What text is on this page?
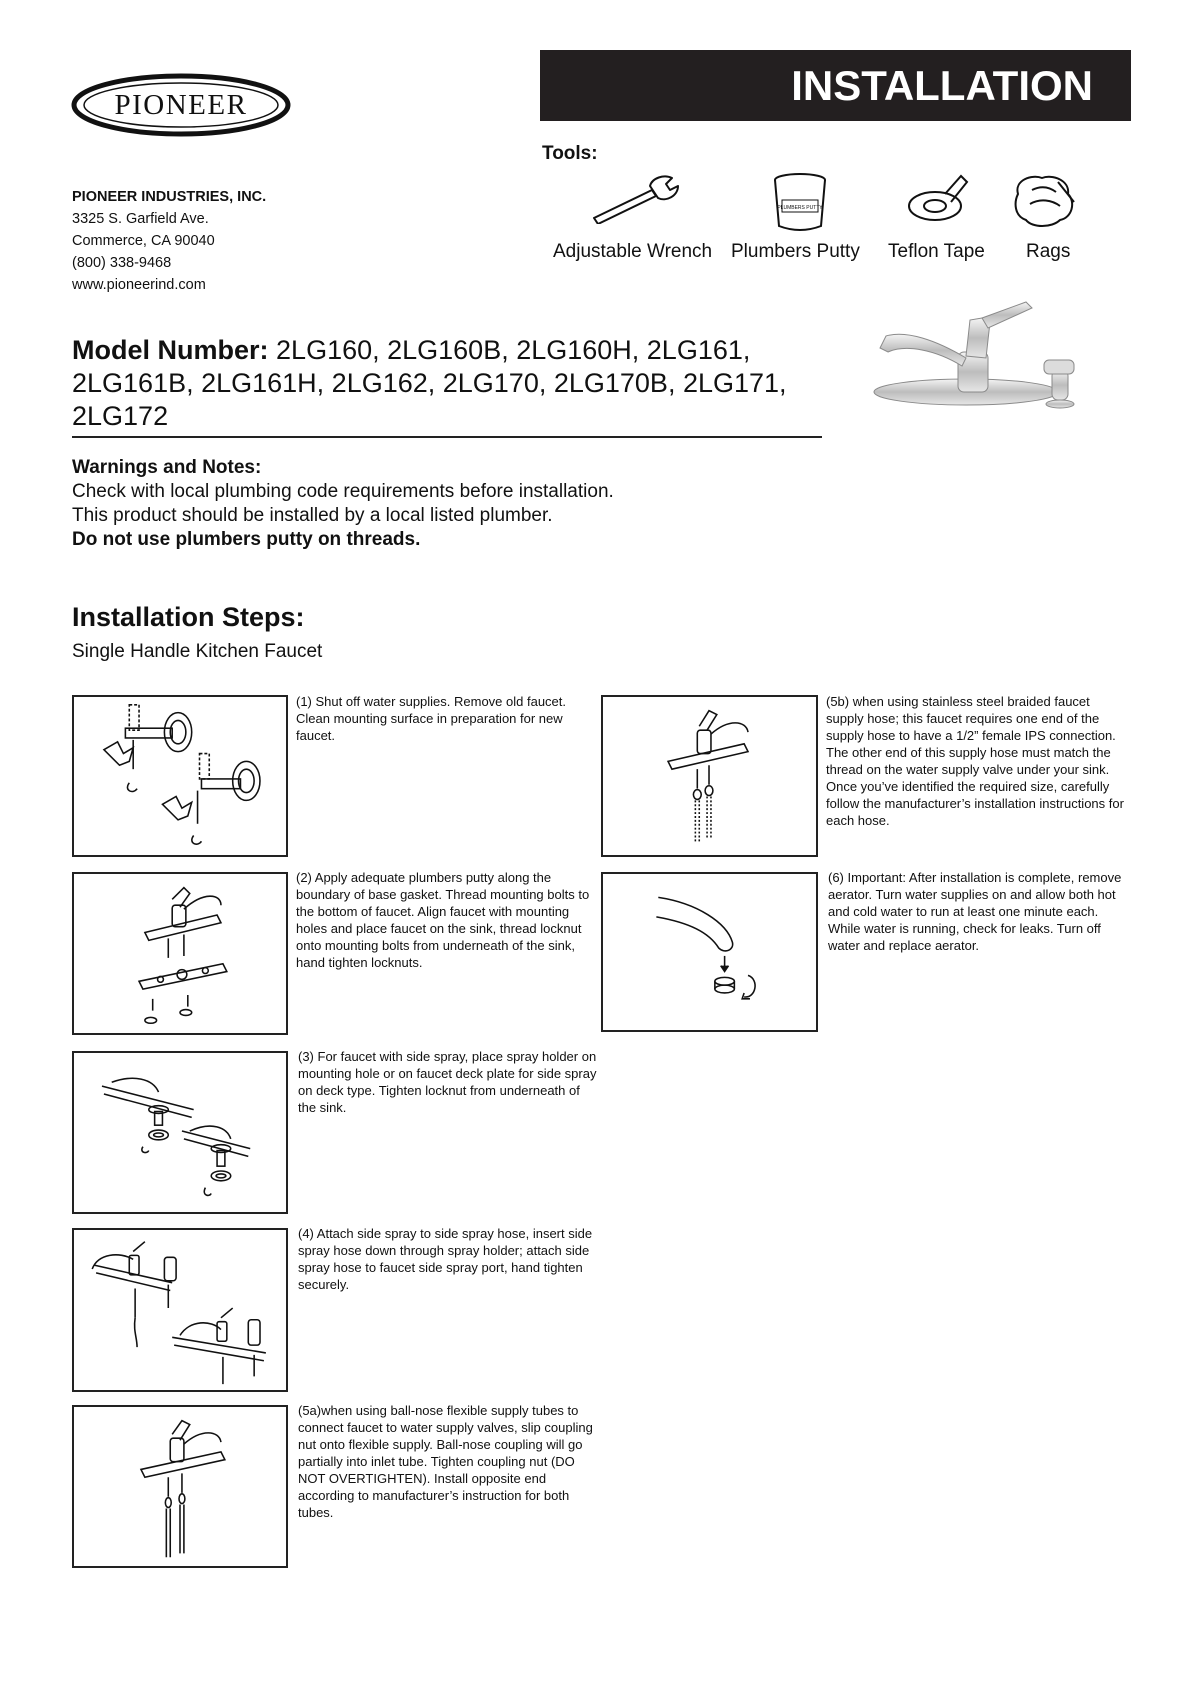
PIONEER	INSTALLATION
PIONEER INDUSTRIES, INC.
3325 S. Garfield Ave.
Commerce, CA 90040
(800) 338-9468
www.pioneerind.com
Tools:
PLUMBERS PUTTY
Adjustable Wrench Plumbers Putty Teflon Tape Rags
Model Number: 2LG160, 2LG160B, 2LG160H, 2LG161,
2LG161B, 2LG161H, 2LG162, 2LG170, 2LG170B, 2LG171,
2LG172
Warnings and Notes:
Check with local plumbing code requirements before installation.
This product should be installed by a local listed plumber.
Do not use plumbers putty on threads.
Installation Steps:
Single Handle Kitchen Faucet
(1) Shut off water supplies. Remove old faucet. Clean mounting surface in preparation for new faucet.
(2) Apply adequate plumbers putty along the boundary of base gasket. Thread mounting bolts to the bottom of faucet. Align faucet with mounting holes and place faucet on the sink, thread locknut onto mounting bolts from underneath of the sink, hand tighten locknuts.
(3) For faucet with side spray, place spray holder on mounting hole or on faucet deck plate for side spray on deck type. Tighten locknut from underneath of the sink.
(4) Attach side spray to side spray hose, insert side spray hose down through spray holder; attach side spray hose to faucet side spray port, hand tighten securely.
(5a)when using ball-nose flexible supply tubes to connect faucet to water supply valves, slip coupling nut onto flexible supply. Ball-nose coupling will go partially into inlet tube. Tighten coupling nut (DO NOT OVERTIGHTEN). Install opposite end according to manufacturer’s instruction for both tubes.
(5b) when using stainless steel braided faucet supply hose; this faucet requires one end of the supply hose to have a 1/2” female IPS connection. The other end of this supply hose must match the thread on the water supply valve under your sink. Once you’ve identified the required size, carefully follow the manufacturer’s installation instructions for each hose.
(6) Important: After installation is complete, remove aerator. Turn water supplies on and allow both hot and cold water to run at least one minute each. While water is running, check for leaks. Turn off water and replace aerator.
